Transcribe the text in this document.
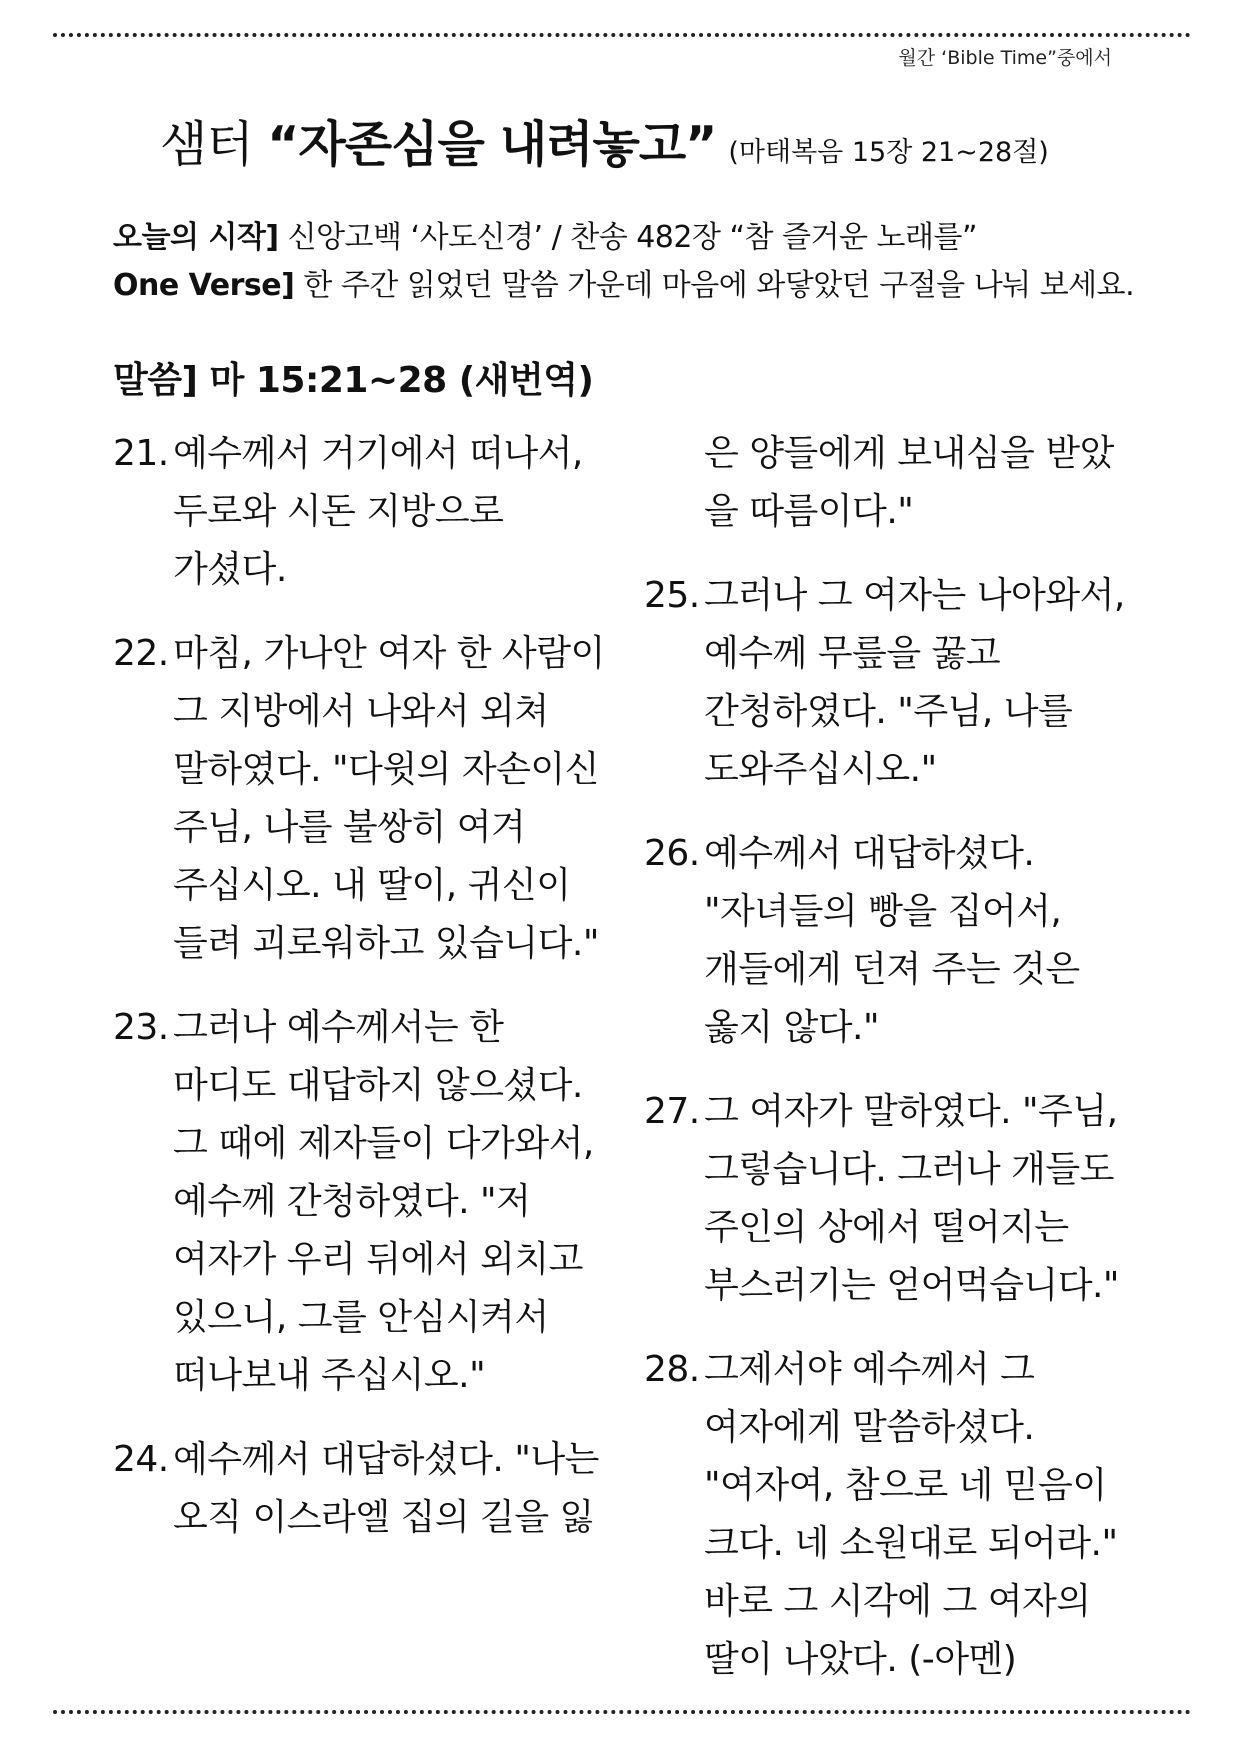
월간 ‘Bible Time”중에서
샘터 “자존심을 내려놓고” (마태복음 15장 21~28절)
오늘의 시작] 신앙고백 ‘사도신경’ / 찬송 482장 “참 즐거운 노래를”
One Verse] 한 주간 읽었던 말씀 가운데 마음에 와닿았던 구절을 나눠 보세요.
말씀] 마 15:21~28 (새번역)
21. 예수께서 거기에서 떠나서, 두로와 시돈 지방으로 가셨다.
22. 마침, 가나안 여자 한 사람이 그 지방에서 나와서 외쳐 말하였다. "다윗의 자손이신 주님, 나를 불쌍히 여겨 주십시오. 내 딸이, 귀신이 들려 괴로워하고 있습니다."
23. 그러나 예수께서는 한 마디도 대답하지 않으셨다. 그 때에 제자들이 다가와서, 예수께 간청하였다. "저 여자가 우리 뒤에서 외치고 있으니, 그를 안심시켜서 떠나보내 주십시오."
24. 예수께서 대답하셨다. "나는 오직 이스라엘 집의 길을 잃
은 양들에게 보내심을 받았을 따름이다."
25. 그러나 그 여자는 나아와서, 예수께 무릎을 꿇고 간청하였다. "주님, 나를 도와주십시오."
26. 예수께서 대답하셨다. "자녀들의 빵을 집어서, 개들에게 던져 주는 것은 옳지 않다."
27. 그 여자가 말하였다. "주님, 그렇습니다. 그러나 개들도 주인의 상에서 떨어지는 부스러기는 얻어먹습니다."
28. 그제서야 예수께서 그 여자에게 말씀하셨다. "여자여, 참으로 네 믿음이 크다. 네 소원대로 되어라." 바로 그 시각에 그 여자의 딸이 나았다. (-아멘)
